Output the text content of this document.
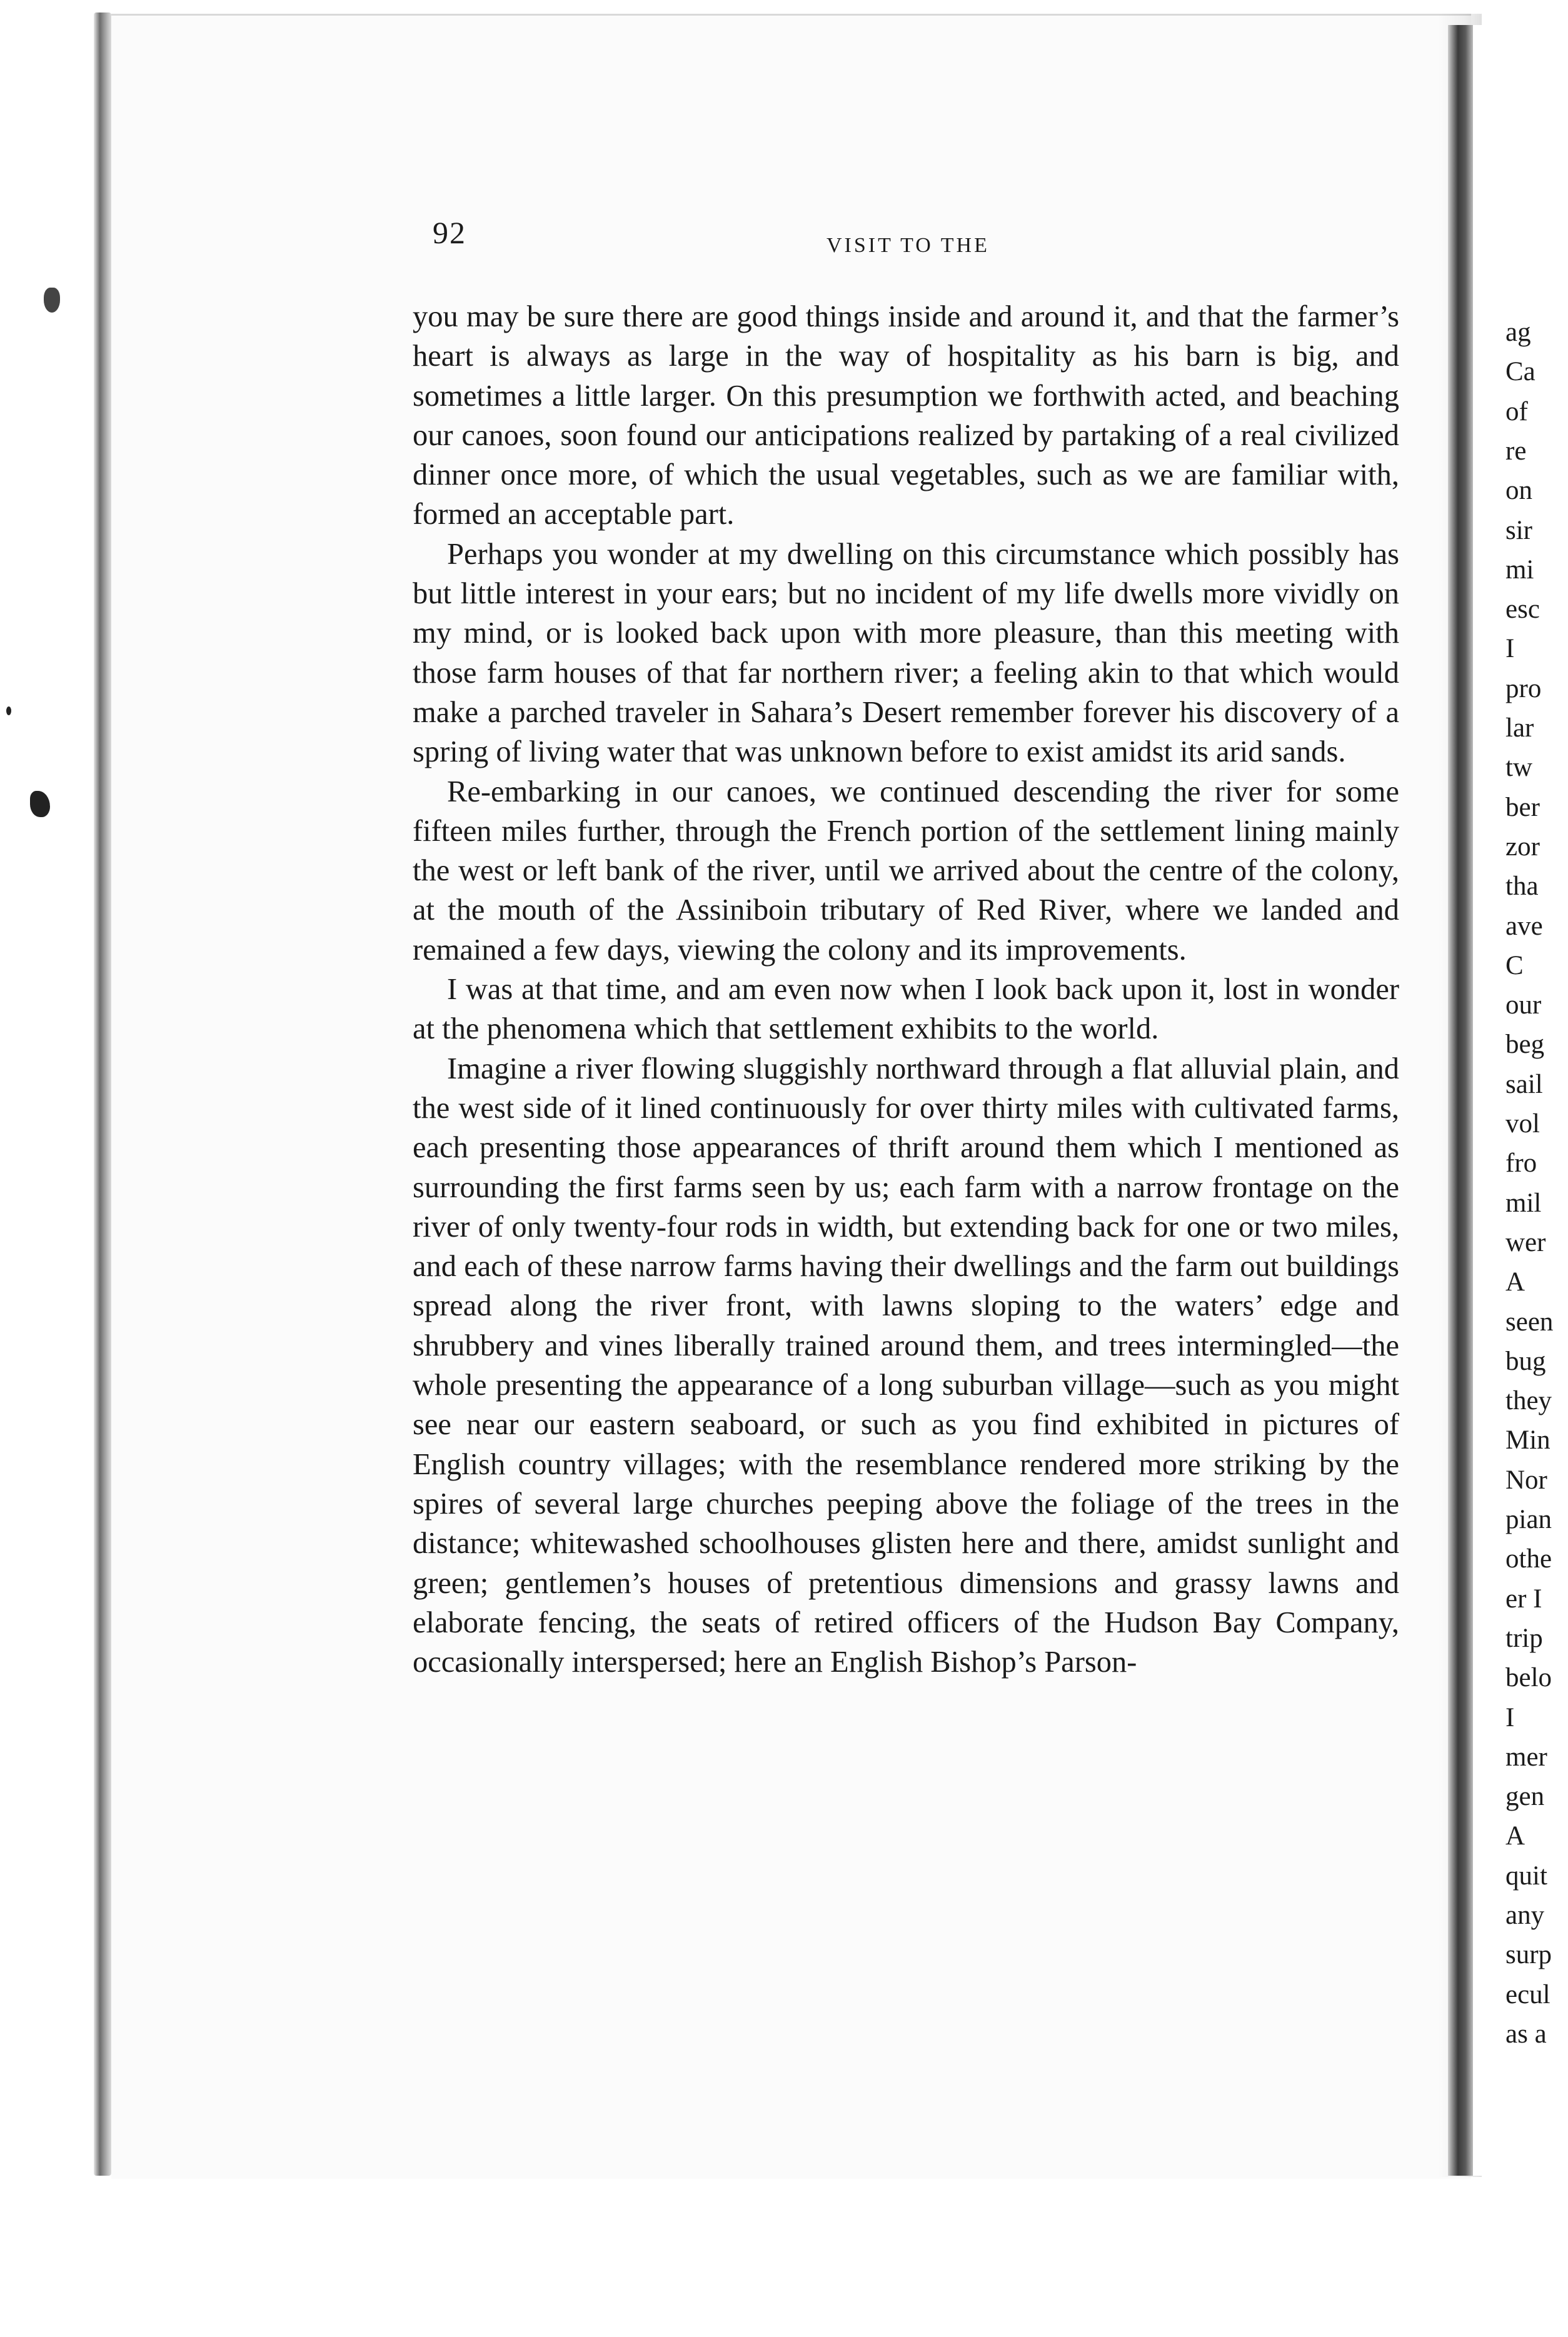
92	VISIT TO THE

you may be sure there are good things inside and around it, and that the farmer’s heart is always as large in the way of hospitality as his barn is big, and sometimes a little larger. On this presumption we forthwith acted, and beaching our canoes, soon found our anticipations realized by partaking of a real civilized dinner once more, of which the usual vegetables, such as we are familiar with, formed an acceptable part.

Perhaps you wonder at my dwelling on this circumstance which possibly has but little interest in your ears; but no incident of my life dwells more vividly on my mind, or is looked back upon with more pleasure, than this meeting with those farm houses of that far northern river; a feeling akin to that which would make a parched traveler in Sahara’s Desert remember forever his discovery of a spring of living water that was unknown before to exist amidst its arid sands.

Re-embarking in our canoes, we continued descending the river for some fifteen miles further, through the French portion of the settlement lining mainly the west or left bank of the river, until we arrived about the centre of the colony, at the mouth of the Assiniboin tributary of Red River, where we landed and remained a few days, viewing the colony and its improvements.

I was at that time, and am even now when I look back upon it, lost in wonder at the phenomena which that settlement exhibits to the world.

Imagine a river flowing sluggishly northward through a flat alluvial plain, and the west side of it lined continuously for over thirty miles with cultivated farms, each presenting those appearances of thrift around them which I mentioned as surrounding the first farms seen by us; each farm with a narrow frontage on the river of only twenty-four rods in width, but extending back for one or two miles, and each of these narrow farms having their dwellings and the farm out buildings spread along the river front, with lawns sloping to the waters’ edge and shrubbery and vines liberally trained around them, and trees intermingled—the whole presenting the appearance of a long suburban village—such as you might see near our eastern seaboard, or such as you find exhibited in pictures of English country villages; with the resemblance rendered more striking by the spires of several large churches peeping above the foliage of the trees in the distance; whitewashed schoolhouses glisten here and there, amidst sunlight and green; gentlemen’s houses of pretentious dimensions and grassy lawns and elaborate fencing, the seats of retired officers of the Hudson Bay Company, occasionally interspersed; here an English Bishop’s Parson-

ag
Ca
of
re
on
sir
mi
esc
I
pro
lar
tw
ber
zor
tha
ave
C
our
beg
sail
vol
fro
mil
wer
A
seen
bug
they
Min
Nor
pian
othe
er I
trip
belo
I
mer
gen
A
quit
any
surp
ecul
as a
